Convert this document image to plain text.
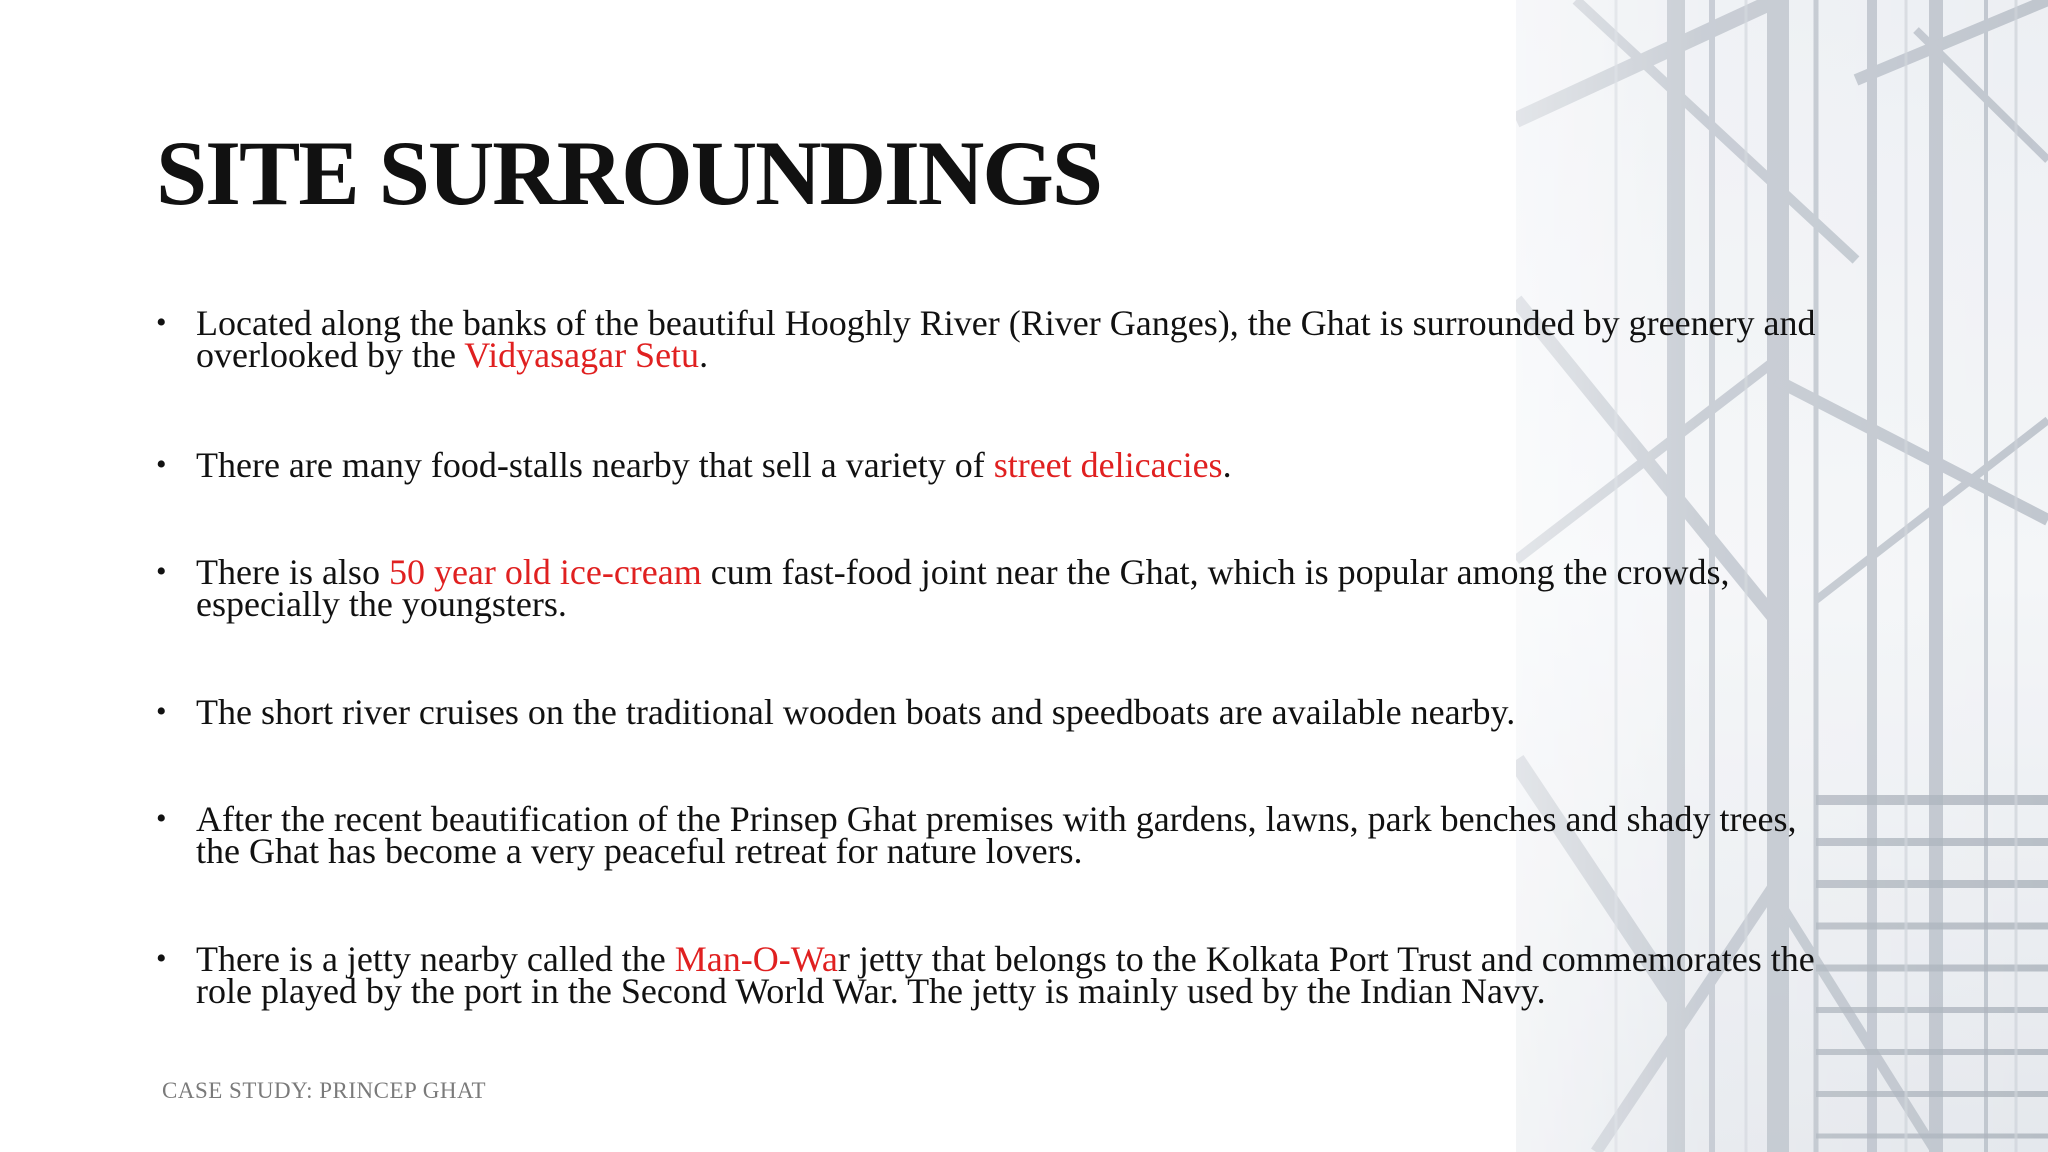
SITE SURROUNDINGS
• Located along the banks of the beautiful Hooghly River (River Ganges), the Ghat is surrounded by greenery and overlooked by the Vidyasagar Setu.
• There are many food-stalls nearby that sell a variety of street delicacies.
• There is also 50 year old ice-cream cum fast-food joint near the Ghat, which is popular among the crowds, especially the youngsters.
• The short river cruises on the traditional wooden boats and speedboats are available nearby.
• After the recent beautification of the Prinsep Ghat premises with gardens, lawns, park benches and shady trees, the Ghat has become a very peaceful retreat for nature lovers.
• There is a jetty nearby called the Man-O-War jetty that belongs to the Kolkata Port Trust and commemorates the role played by the port in the Second World War. The jetty is mainly used by the Indian Navy.
CASE STUDY: PRINCEP GHAT
